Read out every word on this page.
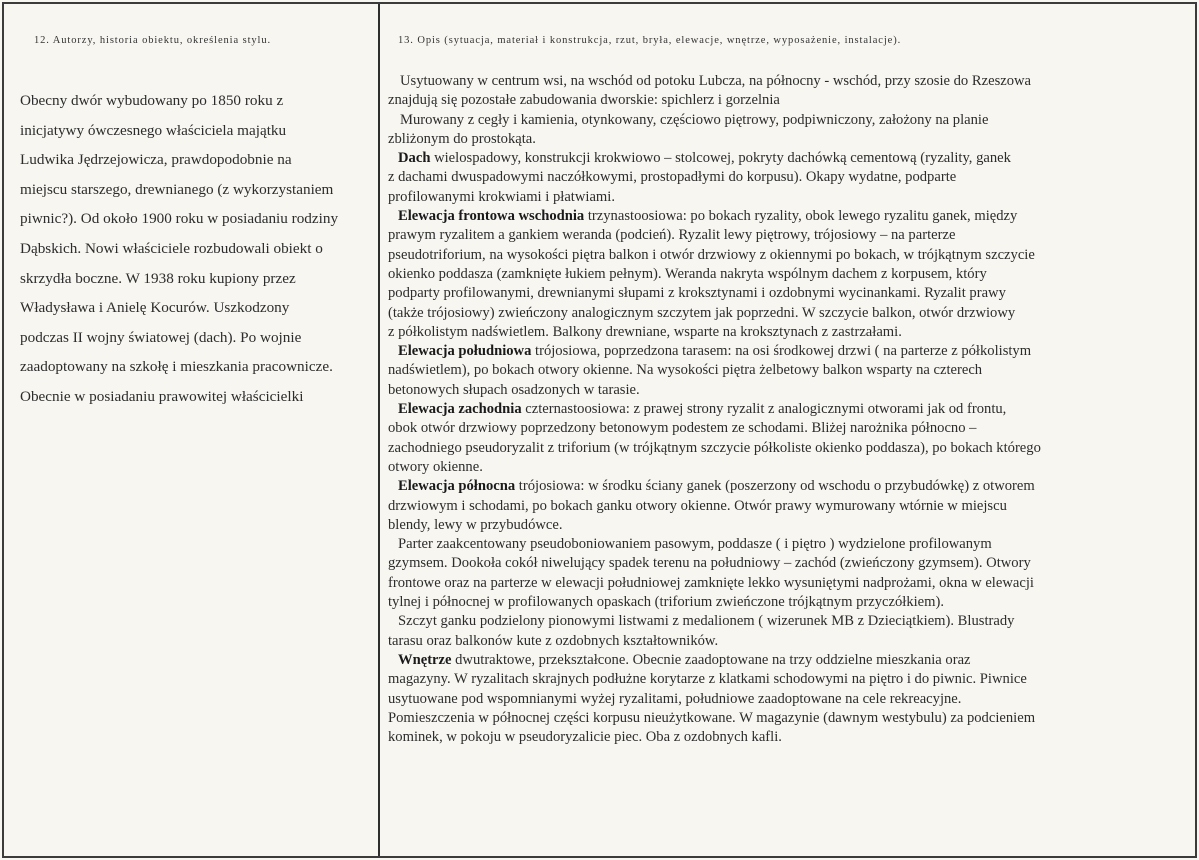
12. Autorzy, historia obiektu, określenia stylu.	13. Opis (sytuacja, materiał i konstrukcja, rzut, bryła, elewacje, wnętrze, wyposażenie, instalacje).
Obecny dwór wybudowany po 1850 roku z
inicjatywy ówczesnego właściciela majątku
Ludwika Jędrzejowicza, prawdopodobnie na
miejscu starszego, drewnianego (z wykorzystaniem
piwnic?). Od około 1900 roku w posiadaniu rodziny
Dąbskich. Nowi właściciele rozbudowali obiekt o
skrzydła boczne. W 1938 roku kupiony przez
Władysława i Anielę Kocurów. Uszkodzony
podczas II wojny światowej (dach). Po wojnie
zaadoptowany na szkołę i mieszkania pracownicze.
Obecnie w posiadaniu prawowitej właścicielki
Usytuowany w centrum wsi, na wschód od potoku Lubcza, na północny - wschód, przy szosie do Rzeszowa
znajdują się pozostałe zabudowania dworskie: spichlerz i gorzelnia
Murowany z cegły i kamienia, otynkowany, częściowo piętrowy, podpiwniczony, założony na planie
zbliżonym do prostokąta.
Dach wielospadowy, konstrukcji krokwiowo – stolcowej, pokryty dachówką cementową (ryzality, ganek
z dachami dwuspadowymi naczółkowymi, prostopadłymi do korpusu). Okapy wydatne, podparte
profilowanymi krokwiami i płatwiami.
Elewacja frontowa wschodnia trzynastoosiowa: po bokach ryzality, obok lewego ryzalitu ganek, między
prawym ryzalitem a gankiem weranda (podcień). Ryzalit lewy piętrowy, trójosiowy – na parterze
pseudotriforium, na wysokości piętra balkon i otwór drzwiowy z okiennymi po bokach, w trójkątnym szczycie
okienko poddasza (zamknięte łukiem pełnym). Weranda nakryta wspólnym dachem z korpusem, który
podparty profilowanymi, drewnianymi słupami z kroksztynami i ozdobnymi wycinankami. Ryzalit prawy
(także trójosiowy) zwieńczony analogicznym szczytem jak poprzedni. W szczycie balkon, otwór drzwiowy
z półkolistym nadświetlem. Balkony drewniane, wsparte na kroksztynach z zastrzałami.
Elewacja południowa trójosiowa, poprzedzona tarasem: na osi środkowej drzwi ( na parterze z półkolistym
nadświetlem), po bokach otwory okienne. Na wysokości piętra żelbetowy balkon wsparty na czterech
betonowych słupach osadzonych w tarasie.
Elewacja zachodnia czternastoosiowa: z prawej strony ryzalit z analogicznymi otworami jak od frontu,
obok otwór drzwiowy poprzedzony betonowym podestem ze schodami. Bliżej narożnika północno –
zachodniego pseudoryzalit z triforium (w trójkątnym szczycie półkoliste okienko poddasza), po bokach którego
otwory okienne.
Elewacja północna trójosiowa: w środku ściany ganek (poszerzony od wschodu o przybudówkę) z otworem
drzwiowym i schodami, po bokach ganku otwory okienne. Otwór prawy wymurowany wtórnie w miejscu
blendy, lewy w przybudówce.
Parter zaakcentowany pseudoboniowaniem pasowym, poddasze ( i piętro ) wydzielone profilowanym
gzymsem. Dookoła cokół niwelujący spadek terenu na południowy – zachód (zwieńczony gzymsem). Otwory
frontowe oraz na parterze w elewacji południowej zamknięte lekko wysuniętymi nadprożami, okna w elewacji
tylnej i północnej w profilowanych opaskach (triforium zwieńczone trójkątnym przyczółkiem).
Szczyt ganku podzielony pionowymi listwami z medalionem ( wizerunek MB z Dzieciątkiem). Blustrady
tarasu oraz balkonów kute z ozdobnych kształtowników.
Wnętrze dwutraktowe, przekształcone. Obecnie zaadoptowane na trzy oddzielne mieszkania oraz
magazyny. W ryzalitach skrajnych podłużne korytarze z klatkami schodowymi na piętro i do piwnic. Piwnice
usytuowane pod wspomnianymi wyżej ryzalitami, południowe zaadoptowane na cele rekreacyjne.
Pomieszczenia w północnej części korpusu nieużytkowane. W magazynie (dawnym westybulu) za podcieniem
kominek, w pokoju w pseudoryzalicie piec. Oba z ozdobnych kafli.
